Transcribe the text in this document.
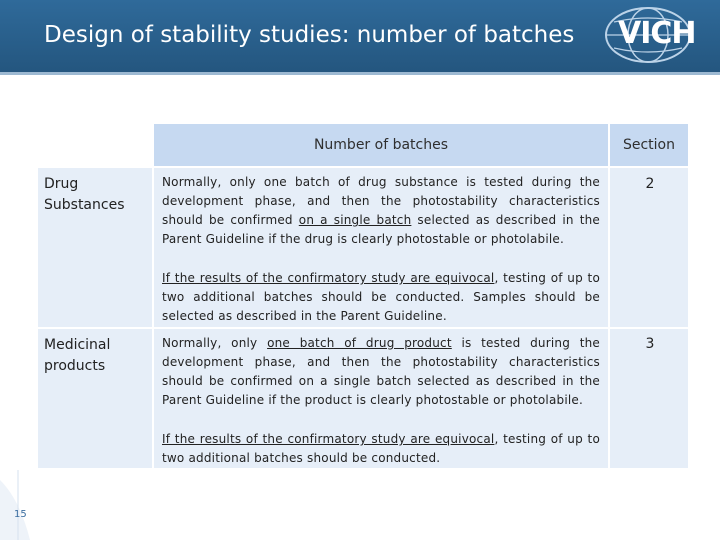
Design of stability studies: number of batches VICH
Number of batches	Section
Drug
Substances
Normally, only one batch of drug substance is tested during the development phase, and then the photostability characteristics should be confirmed on a single batch selected as described in the Parent Guideline if the drug is clearly photostable or photolabile.
If the results of the confirmatory study are equivocal, testing of up to two additional batches should be conducted. Samples should be selected as described in the Parent Guideline.
2
Medicinal
products
Normally, only one batch of drug product is tested during the development phase, and then the photostability characteristics should be confirmed on a single batch selected as described in the Parent Guideline if the product is clearly photostable or photolabile.
If the results of the confirmatory study are equivocal, testing of up to two additional batches should be conducted.
3
15
